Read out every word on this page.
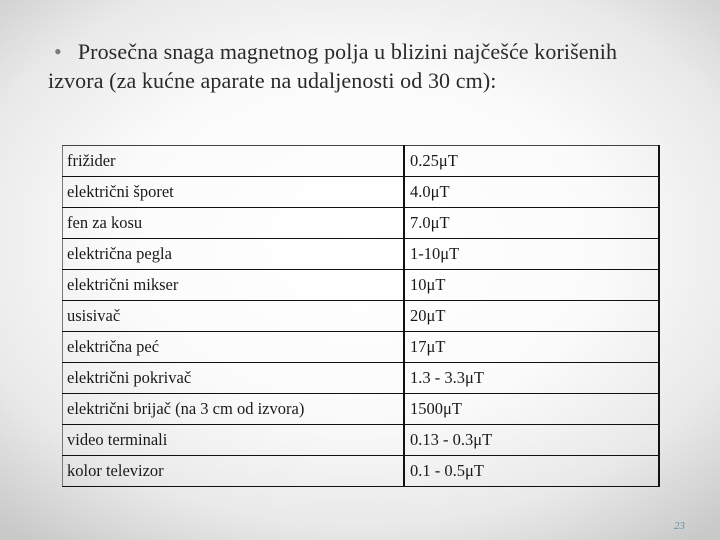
• Prosečna snaga magnetnog polja u blizini najčešće korišenih izvora (za kućne aparate na udaljenosti od 30 cm):
frižider	0.25μT
električni šporet	4.0μT
fen za kosu	7.0μT
električna pegla	1-10μT
električni mikser	10μT
usisivač	20μT
električna peć	17μT
električni pokrivač	1.3 - 3.3μT
električni brijač (na 3 cm od izvora)	1500μT
video terminali	0.13 - 0.3μT
kolor televizor	0.1 - 0.5μT
23
